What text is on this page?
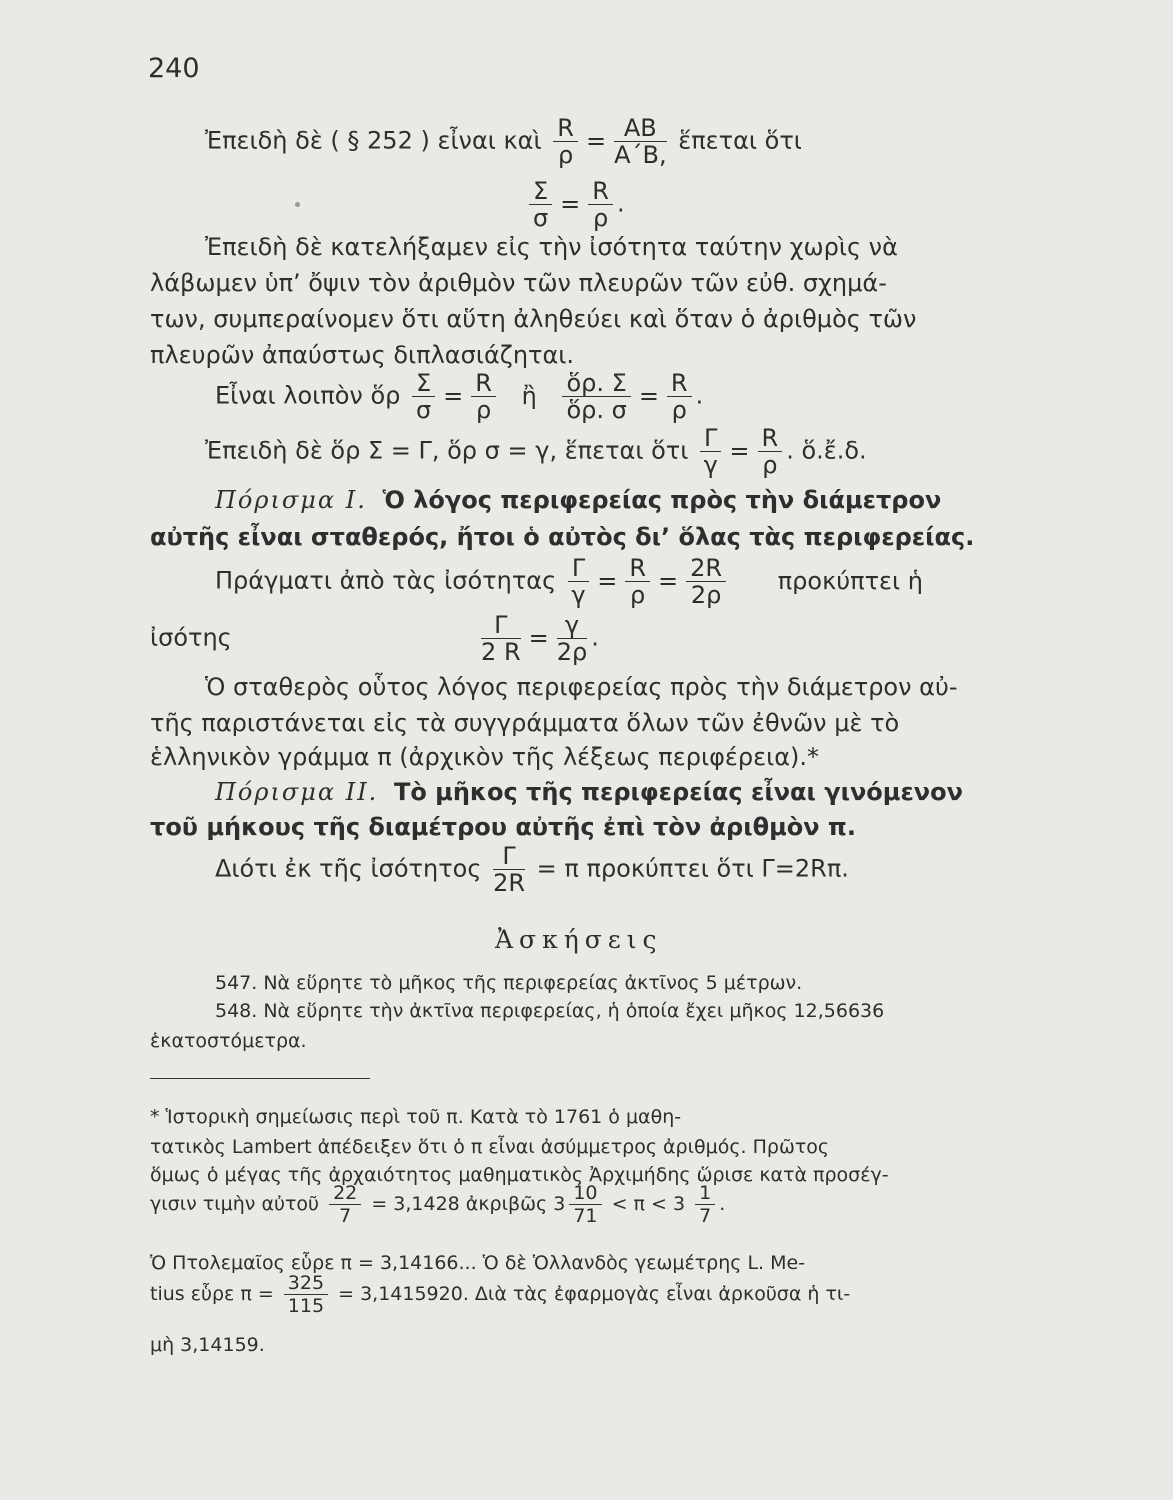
240
Ἐπειδὴ δὲ ( § 252 ) εἶναι καὶ $\frac{R}{\rho} = \frac{AB}{A΄B,}$ ἕπεται ὅτι
$\frac{\Sigma}{\sigma} = \frac{R}{\rho}$ .
Ἐπειδὴ δὲ κατελήξαμεν εἰς τὴν ἰσότητα ταύτην χωρὶς νὰ
λάβωμεν ὑπ’ ὄψιν τὸν ἀριθμὸν τῶν πλευρῶν τῶν εὐθ. σχημά-
των, συμπεραίνομεν ὅτι αὕτη ἀληθεύει καὶ ὅταν ὁ ἀριθμὸς τῶν
πλευρῶν ἀπαύστως διπλασιάζηται.
Εἶναι λοιπὸν ὅρ $\frac{\Sigma}{\sigma} = \frac{R}{\rho}$ ἢ $\frac{\text{ὅρ. Σ}}{\text{ὅρ. σ}} = \frac{R}{\rho}$ .
Ἐπειδὴ δὲ ὅρ Σ = Γ, ὅρ σ = γ, ἕπεται ὅτι $\frac{\Gamma}{\gamma} = \frac{R}{\rho}$ . ὅ.ἔ.δ.
Πόρισμα I. Ὁ λόγος περιφερείας πρὸς τὴν διάμετρον
αὐτῆς εἶναι σταθερός, ἤτοι ὁ αὐτὸς δι’ ὅλας τὰς περιφερείας.
Πράγματι ἀπὸ τὰς ἰσότητας $\frac{\Gamma}{\gamma} = \frac{R}{\rho} = \frac{2R}{2\rho}$ προκύπτει ἡ
ἰσότης	$\frac{\Gamma}{2 R} = \frac{\gamma}{2\rho}$ .
Ὁ σταθερὸς οὗτος λόγος περιφερείας πρὸς τὴν διάμετρον αὐ-
τῆς παριστάνεται εἰς τὰ συγγράμματα ὅλων τῶν ἐθνῶν μὲ τὸ
ἑλληνικὸν γράμμα π (ἀρχικὸν τῆς λέξεως περιφέρεια).*
Πόρισμα II. Τὸ μῆκος τῆς περιφερείας εἶναι γινόμενον
τοῦ μήκους τῆς διαμέτρου αὐτῆς ἐπὶ τὸν ἀριθμὸν π.
Διότι ἐκ τῆς ἰσότητος $\frac{\Gamma}{2R} = \pi$ προκύπτει ὅτι Γ=2Rπ.
Ἀσκήσεις
547. Νὰ εὕρητε τὸ μῆκος τῆς περιφερείας ἀκτῖνος 5 μέτρων.
548. Νὰ εὕρητε τὴν ἀκτῖνα περιφερείας, ἡ ὁποία ἔχει μῆκος 12,56636
ἑκατοστόμετρα.
* Ἱστορικὴ σημείωσις περὶ τοῦ π. Κατὰ τὸ 1761 ὁ μαθη-
τατικὸς Lambert ἀπέδειξεν ὅτι ὁ π εἶναι ἀσύμμετρος ἀριθμός. Πρῶτος
ὅμως ὁ μέγας τῆς ἀρχαιότητος μαθηματικὸς Ἀρχιμήδης ὥρισε κατὰ προσέγ-
γισιν τιμὴν αὐτοῦ $\frac{22}{7} = 3,1428$ ἀκριβῶς $3 \frac{10}{71} < \pi < 3 \frac{1}{7}$ .
Ὁ Πτολεμαῖος εὗρε π = 3,14166... Ὁ δὲ Ὁλλανδὸς γεωμέτρης L. Me-
tius εὗρε $\pi = \frac{325}{115} = 3,1415920$. Διὰ τὰς ἐφαρμογὰς εἶναι ἀρκοῦσα ἡ τι-
μὴ 3,14159.
